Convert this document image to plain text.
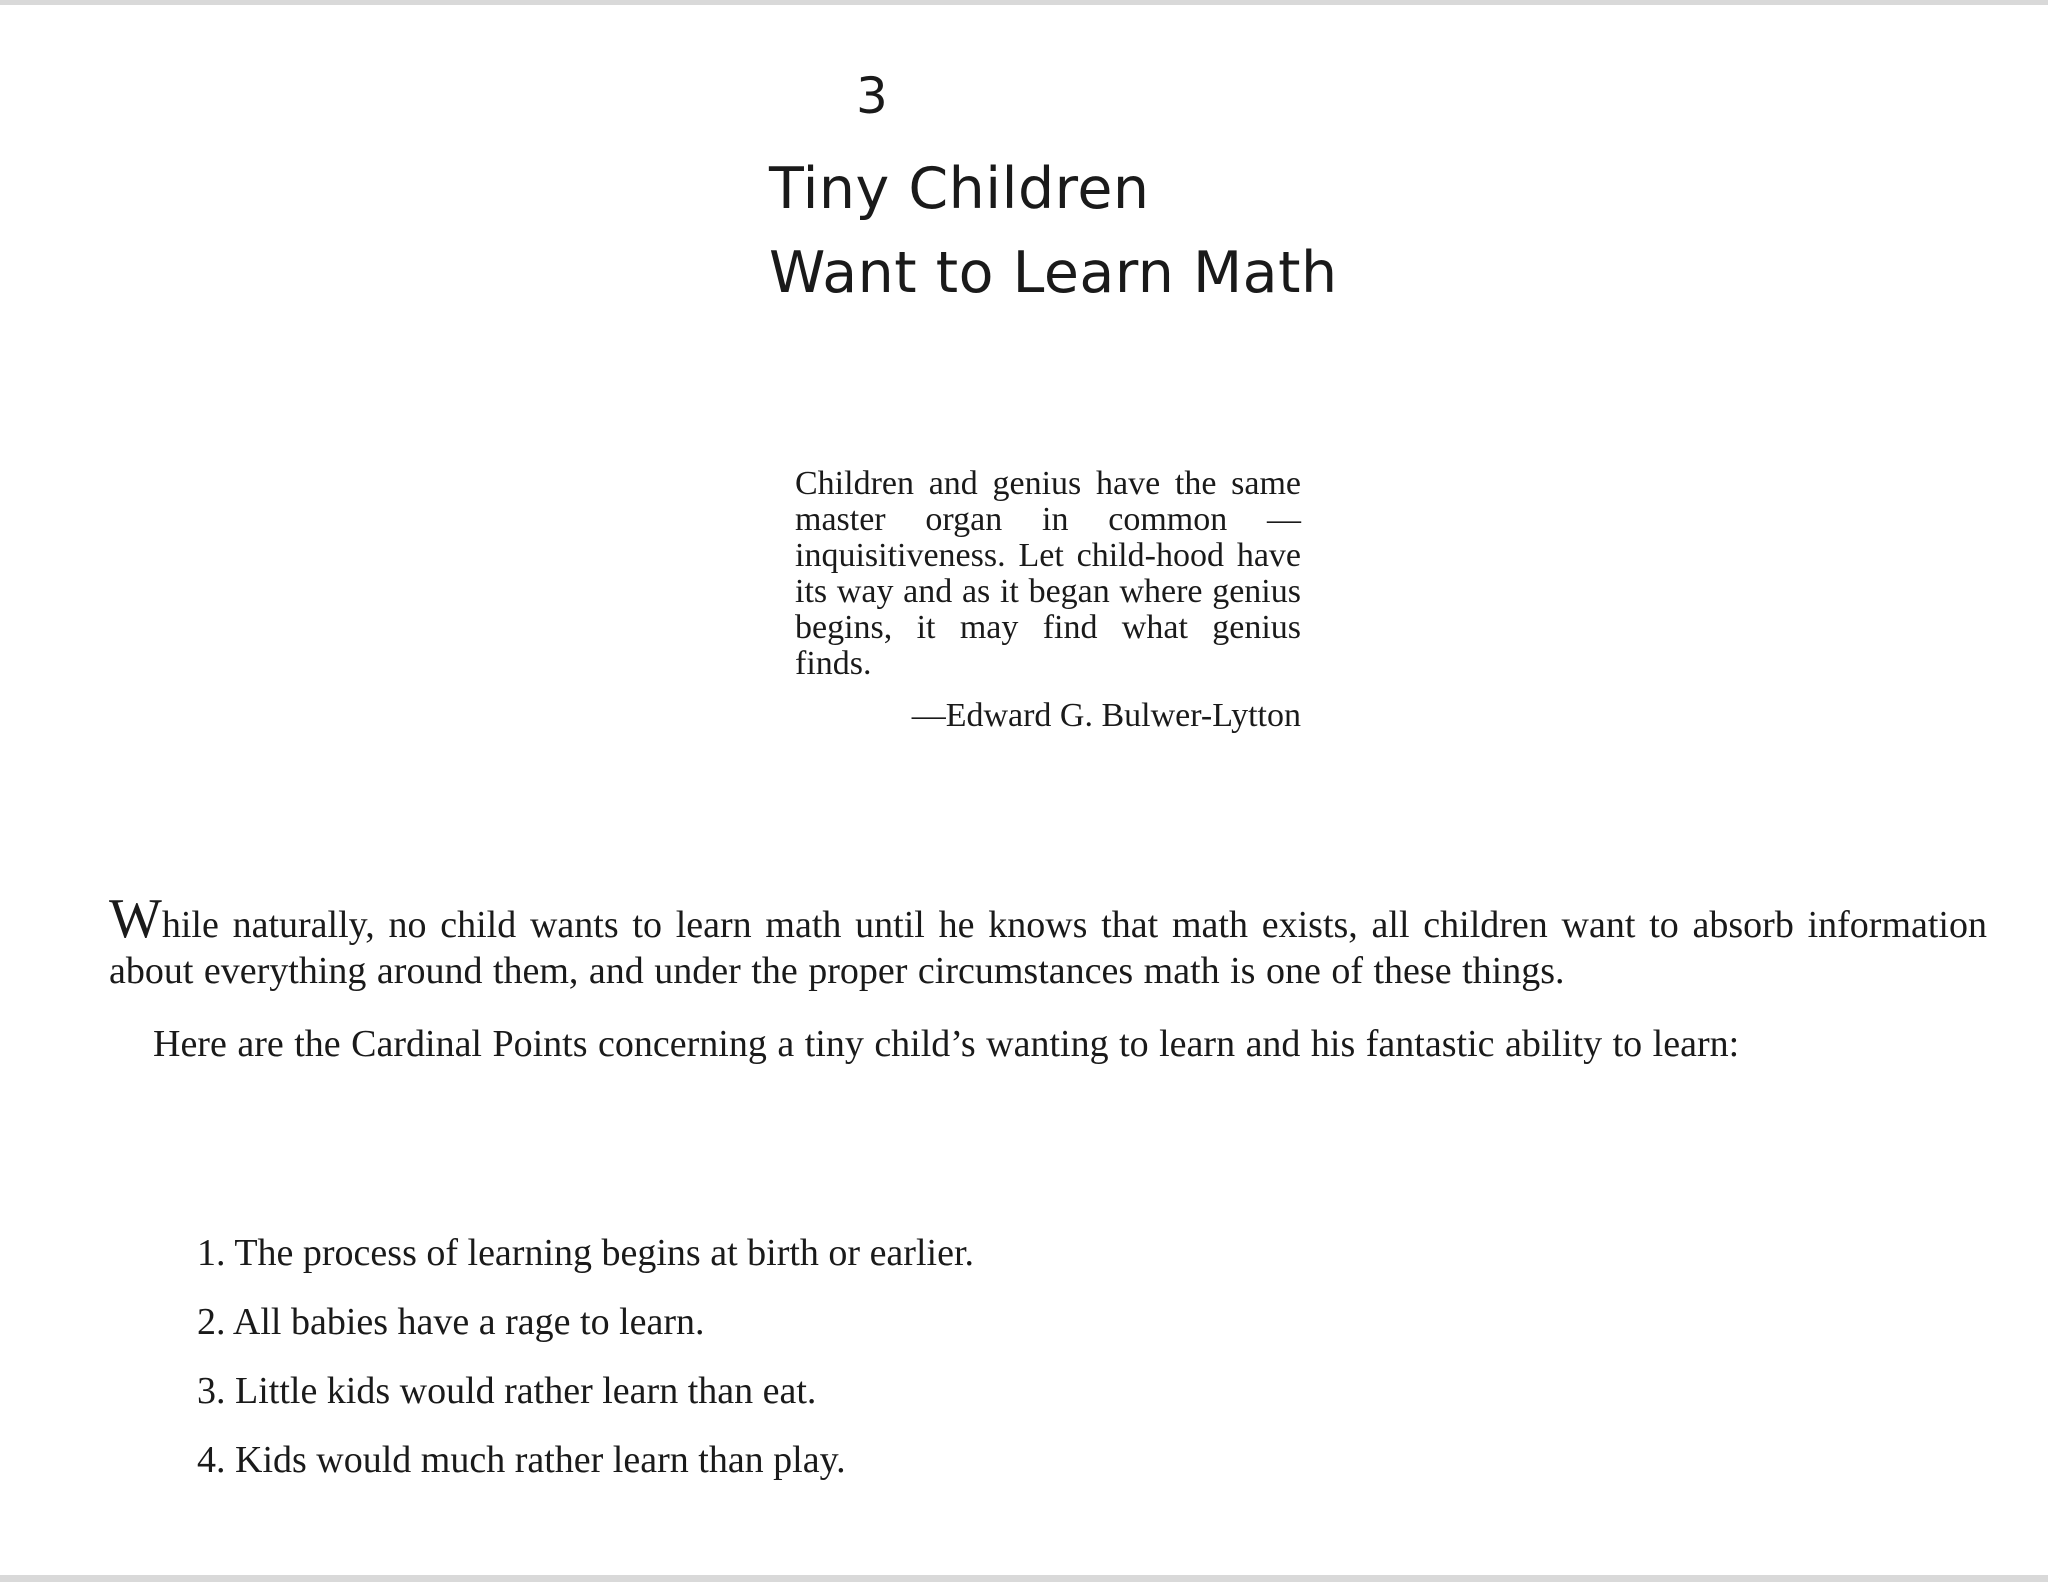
3
Tiny Children
Want to Learn Math

Children and genius have the same master organ in common —inquisitiveness. Let child-hood have its way and as it began where genius begins, it may find what genius finds.

—Edward G. Bulwer-Lytton

While naturally, no child wants to learn math until he knows that math exists, all children want to absorb information about everything around them, and under the proper circumstances math is one of these things.

Here are the Cardinal Points concerning a tiny child’s wanting to learn and his fantastic ability to learn:

1. The process of learning begins at birth or earlier.
2. All babies have a rage to learn.
3. Little kids would rather learn than eat.
4. Kids would much rather learn than play.
